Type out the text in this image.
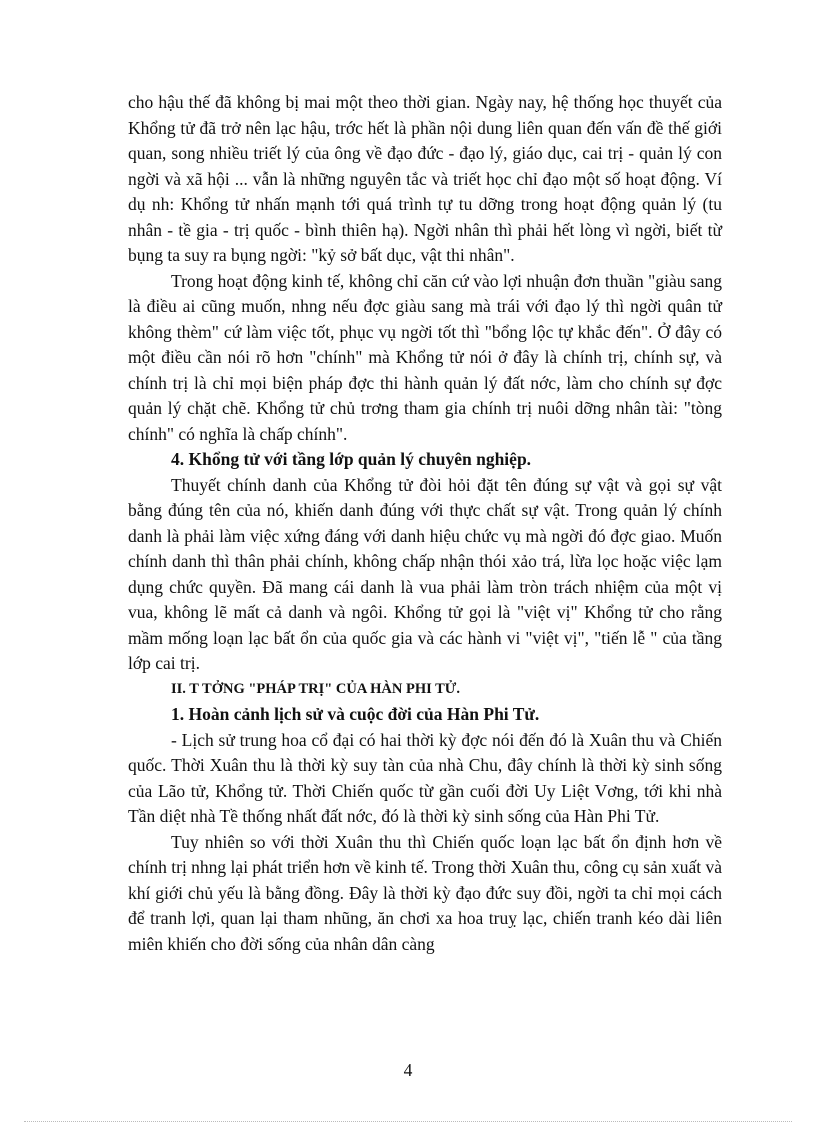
cho hậu thế đã không bị mai một theo thời gian. Ngày nay, hệ thống học thuyết của Khổng tử đã trở nên lạc hậu, trớc hết là phần nội dung liên quan đến vấn đề thế giới quan, song nhiều triết lý của ông về đạo đức - đạo lý, giáo dục, cai trị - quản lý con ngời và xã hội ... vẫn là những nguyên tắc và triết học chỉ đạo một số hoạt động. Ví dụ nh: Khổng tử nhấn mạnh tới quá trình tự tu dỡng trong hoạt động quản lý (tu nhân - tề gia - trị quốc - bình thiên hạ). Ngời nhân thì phải hết lòng vì ngời, biết từ bụng ta suy ra bụng ngời: "kỷ sở bất dục, vật thi nhân".

Trong hoạt động kinh tế, không chỉ căn cứ vào lợi nhuận đơn thuần "giàu sang là điều ai cũng muốn, nhng nếu đợc giàu sang mà trái với đạo lý thì ngời quân tử không thèm" cứ làm việc tốt, phục vụ ngời tốt thì "bổng lộc tự khắc đến". Ở đây có một điều cần nói rõ hơn "chính" mà Khổng tử nói ở đây là chính trị, chính sự, và chính trị là chỉ mọi biện pháp đợc thi hành quản lý đất nớc, làm cho chính sự đợc quản lý chặt chẽ. Khổng tử chủ trơng tham gia chính trị nuôi dỡng nhân tài: "tòng chính" có nghĩa là chấp chính".

4. Khổng tử với tầng lớp quản lý chuyên nghiệp.

Thuyết chính danh của Khổng tử đòi hỏi đặt tên đúng sự vật và gọi sự vật bằng đúng tên của nó, khiến danh đúng với thực chất sự vật. Trong quản lý chính danh là phải làm việc xứng đáng với danh hiệu chức vụ mà ngời đó đợc giao. Muốn chính danh thì thân phải chính, không chấp nhận thói xảo trá, lừa lọc hoặc việc lạm dụng chức quyền. Đã mang cái danh là vua phải làm tròn trách nhiệm của một vị vua, không lẽ mất cả danh và ngôi. Khổng tử gọi là "việt vị" Khổng tử cho rằng mầm mống loạn lạc bất ổn của quốc gia và các hành vi "việt vị", "tiến lễ " của tầng lớp cai trị.

II. T TỞNG "PHÁP TRỊ" CỦA HÀN PHI TỬ.

1. Hoàn cảnh lịch sử và cuộc đời của Hàn Phi Tử.

- Lịch sử trung hoa cổ đại có hai thời kỳ đợc nói đến đó là Xuân thu và Chiến quốc. Thời Xuân thu là thời kỳ suy tàn của nhà Chu, đây chính là thời kỳ sinh sống của Lão tử, Khổng tử. Thời Chiến quốc từ gần cuối đời Uy Liệt Vơng, tới khi nhà Tần diệt nhà Tề thống nhất đất nớc, đó là thời kỳ sinh sống của Hàn Phi Tử.

Tuy nhiên so với thời Xuân thu thì Chiến quốc loạn lạc bất ổn định hơn về chính trị nhng lại phát triển hơn về kinh tế. Trong thời Xuân thu, công cụ sản xuất và khí giới chủ yếu là bằng đồng. Đây là thời kỳ đạo đức suy đồi, ngời ta chỉ mọi cách để tranh lợi, quan lại tham nhũng, ăn chơi xa hoa truỵ lạc, chiến tranh kéo dài liên miên khiến cho đời sống của nhân dân càng

4
